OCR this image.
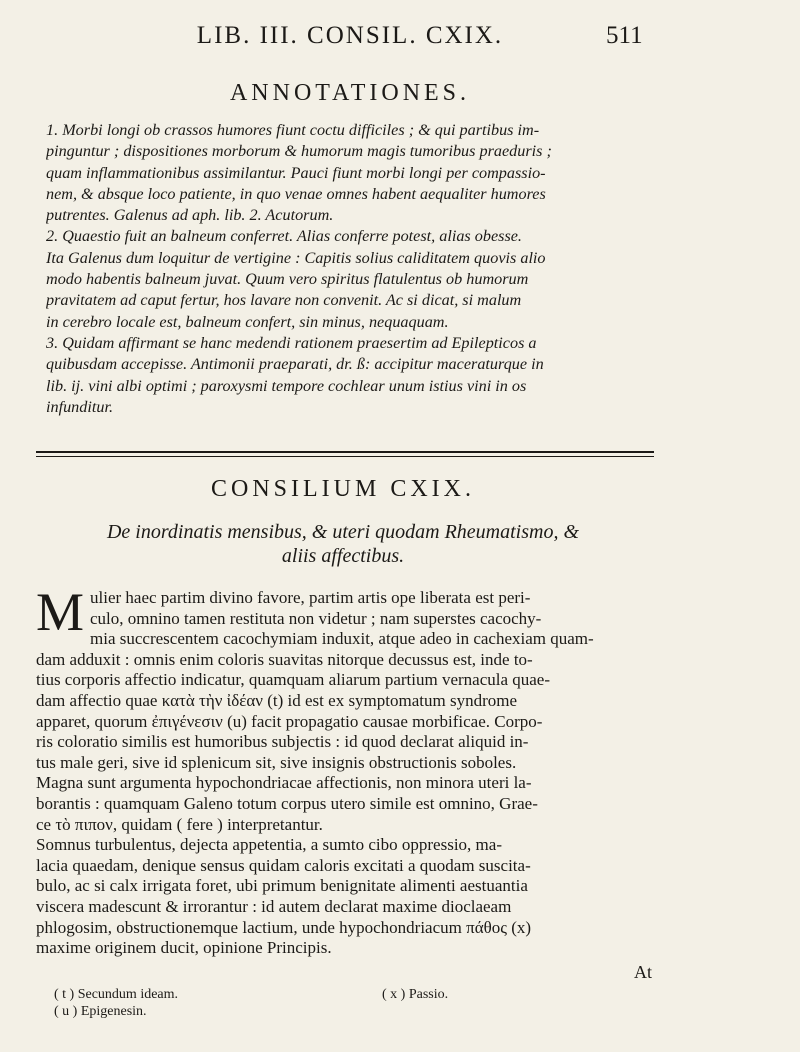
LIB. III. CONSIL. CXIX.	511
ANNOTATIONES.
1. Morbi longi ob crassos humores fiunt coctu difficiles ; & qui partibus im-
pinguntur ; dispositiones morborum & humorum magis tumoribus praeduris ;
quam inflammationibus assimilantur. Pauci fiunt morbi longi per compassio-
nem, & absque loco patiente, in quo venae omnes habent aequaliter humores
putrentes. Galenus ad aph. lib. 2. Acutorum.
2. Quaestio fuit an balneum conferret. Alias conferre potest, alias obesse.
Ita Galenus dum loquitur de vertigine : Capitis solius caliditatem quovis alio
modo habentis balneum juvat. Quum vero spiritus flatulentus ob humorum
pravitatem ad caput fertur, hos lavare non convenit. Ac si dicat, si malum
in cerebro locale est, balneum confert, sin minus, nequaquam.
3. Quidam affirmant se hanc medendi rationem praesertim ad Epilepticos a
quibusdam accepisse. Antimonii praeparati, dr. ß: accipitur maceraturque in
lib. ij. vini albi optimi ; paroxysmi tempore cochlear unum istius vini in os
infunditur.
CONSILIUM CXIX.
De inordinatis mensibus, & uteri quodam Rheumatismo, &
aliis affectibus.
M ulier haec partim divino favore, partim artis ope liberata est peri-
culo, omnino tamen restituta non videtur ; nam superstes cacochy-
mia succrescentem cacochymiam induxit, atque adeo in cachexiam quam-
dam adduxit : omnis enim coloris suavitas nitorque decussus est, inde to-
tius corporis affectio indicatur, quamquam aliarum partium vernacula quae-
dam affectio quae κατὰ τὴν ἰδέαν (t) id est ex symptomatum syndrome
apparet, quorum ἐπιγένεσιν (u) facit propagatio causae morbificae. Corpo-
ris coloratio similis est humoribus subjectis : id quod declarat aliquid in-
tus male geri, sive id splenicum sit, sive insignis obstructionis soboles.
Magna sunt argumenta hypochondriacae affectionis, non minora uteri la-
borantis : quamquam Galeno totum corpus utero simile est omnino, Grae-
ce τὸ πιπον, quidam ( fere ) interpretantur.
Somnus turbulentus, dejecta appetentia, a sumto cibo oppressio, ma-
lacia quaedam, denique sensus quidam caloris excitati a quodam suscita-
bulo, ac si calx irrigata foret, ubi primum benignitate alimenti aestuantia
viscera madescunt & irrorantur : id autem declarat maxime dioclaeam
phlogosim, obstructionemque lactium, unde hypochondriacum πάθος (x)
maxime originem ducit, opinione Principis.
At
( t ) Secundum ideam.
( u ) Epigenesin.
( x ) Passio.
